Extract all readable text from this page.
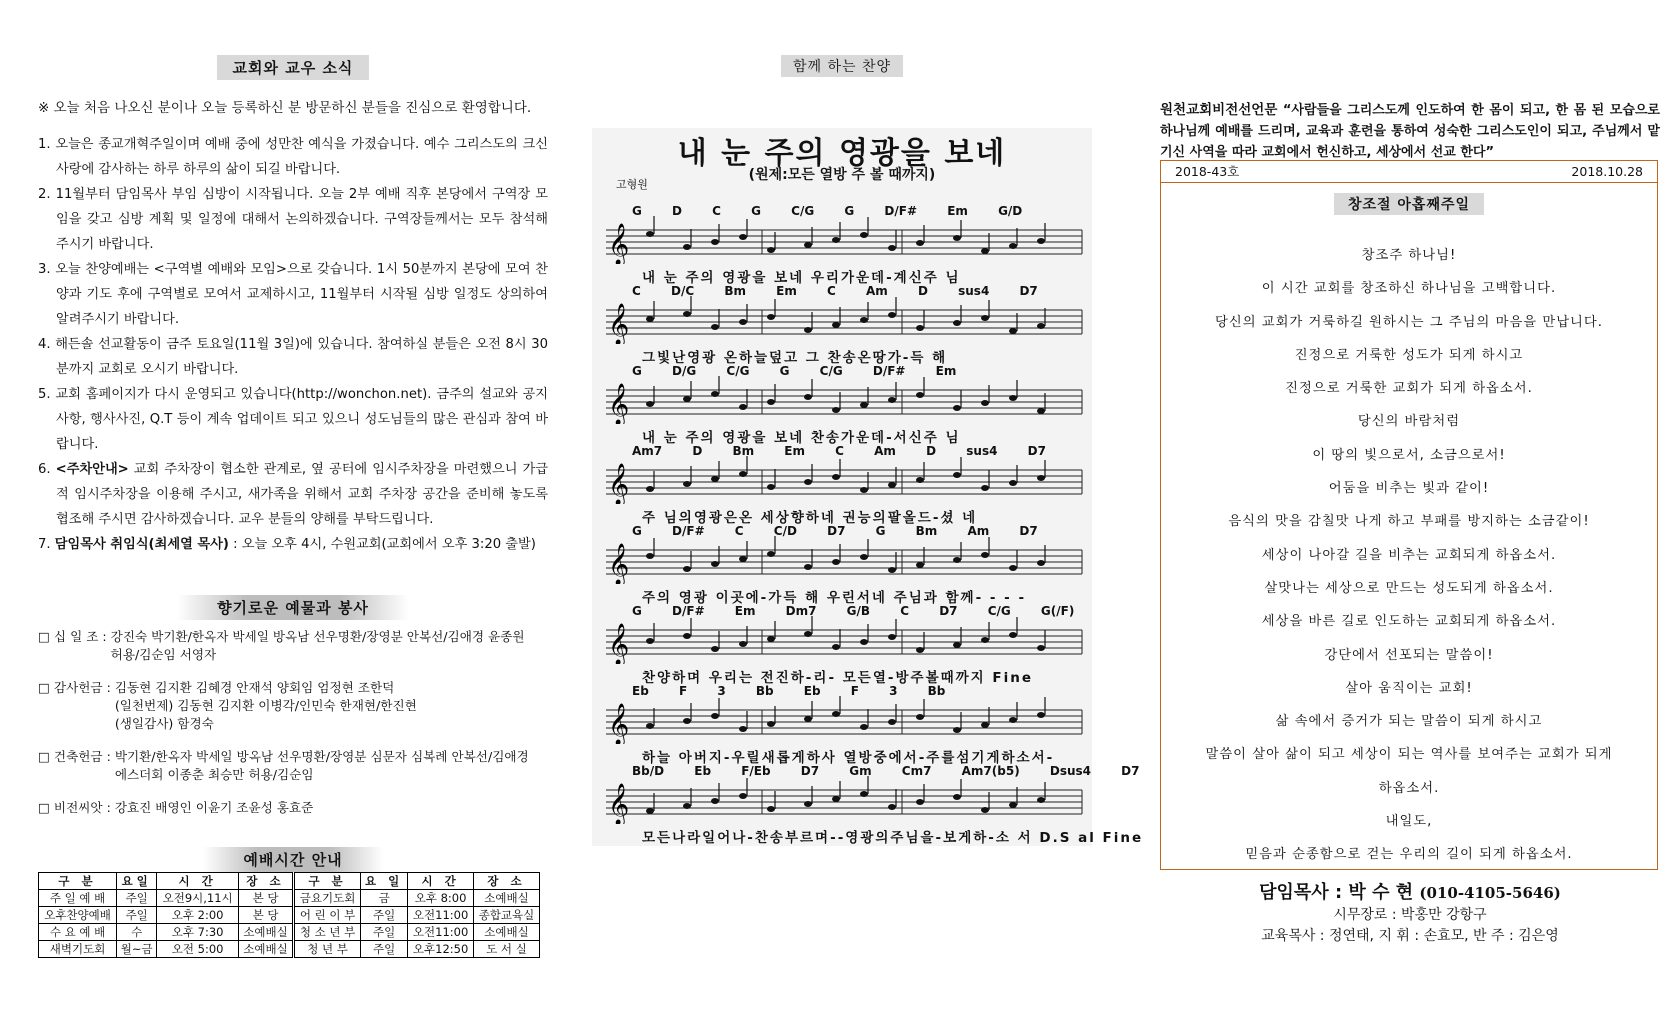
교회와 교우 소식
※ 오늘 처음 나오신 분이나 오늘 등록하신 분 방문하신 분들을 진심으로 환영합니다.
1. 오늘은 종교개혁주일이며 예배 중에 성만찬 예식을 가졌습니다. 예수 그리스도의 크신 사랑에 감사하는 하루 하루의 삶이 되길 바랍니다.
2. 11월부터 담임목사 부임 심방이 시작됩니다. 오늘 2부 예배 직후 본당에서 구역장 모임을 갖고 심방 계획 및 일정에 대해서 논의하겠습니다. 구역장들께서는 모두 참석해 주시기 바랍니다.
3. 오늘 찬양예배는 <구역별 예배와 모임>으로 갖습니다. 1시 50분까지 본당에 모여 찬양과 기도 후에 구역별로 모여서 교제하시고, 11월부터 시작될 심방 일정도 상의하여 알려주시기 바랍니다.
4. 해든솔 선교활동이 금주 토요일(11월 3일)에 있습니다. 참여하실 분들은 오전 8시 30분까지 교회로 오시기 바랍니다.
5. 교회 홈페이지가 다시 운영되고 있습니다(http://wonchon.net). 금주의 설교와 공지사항, 행사사진, Q.T 등이 계속 업데이트 되고 있으니 성도님들의 많은 관심과 참여 바랍니다.
6. <주차안내> 교회 주차장이 협소한 관계로, 옆 공터에 임시주차장을 마련했으니 가급적 임시주차장을 이용해 주시고, 새가족을 위해서 교회 주차장 공간을 준비해 놓도록 협조해 주시면 감사하겠습니다. 교우 분들의 양해를 부탁드립니다.
7. 담임목사 취임식(최세열 목사) : 오늘 오후 4시, 수원교회(교회에서 오후 3:20 출발)
향기로운 예물과 봉사
□ 십 일 조 : 강진숙 박기환/한옥자 박세일 방옥남 선우명환/장영분 안복선/김애경 윤종원
허용/김순임 서영자
□ 감사헌금 : 김동현 김지환 김혜경 안재석 양회임 엄정현 조한덕
(일천번제) 김동현 김지환 이병각/인민숙 한재현/한진현
(생일감사) 함경숙
□ 건축헌금 : 박기환/한옥자 박세일 방옥남 선우명환/장영분 심문자 심복례 안복선/김애경
에스더회 이종춘 최승만 허용/김순임
□ 비전씨앗 : 강효진 배영인 이윤기 조윤성 홍효준
예배시간 안내
구 분	요일	시 간	장 소	구 분	요 일	시 간	장 소
주 일 예 배	주일	오전9시,11시	본 당	금요기도회	금	오후 8:00	소예배실
오후찬양예배	주일	오후 2:00	본 당	어 린 이 부	주일	오전11:00	종합교육실
수 요 예 배	수	오후 7:30	소예배실	청 소 년 부	주일	오전11:00	소예배실
새벽기도회	월~금	오전 5:00	소예배실	청 년 부	주일	오후12:50	도 서 실
함께 하는 찬양
내 눈 주의 영광을 보네
(원제:모든 열방 주 볼 때까지)
고형원
𝄞
G D C G C/G G D/F# Em G/D
내 눈 주의 영광을 보네 우리가운데-계신주 님
𝄞
C D/C Bm Em C Am D sus4 D7
그빛난영광 온하늘덮고 그 찬송온땅가-득 해
𝄞
G D/G C/G G C/G D/F# Em
내 눈 주의 영광을 보네 찬송가운데-서신주 님
𝄞
Am7 D Bm Em C Am D sus4 D7
주 님의영광은온 세상향하네 권능의팔올드-셨 네
𝄞
G D/F# C C/D D7 G Bm Am D7
주의 영광 이곳에-가득 해 우린서네 주님과 함께- - - -
𝄞
G D/F# Em Dm7 G/B C D7 C/G G(/F)
찬양하며 우리는 전진하-리- 모든열-방주볼때까지 Fine
𝄞
Eb F 3 Bb Eb F 3 Bb
하늘 아버지-우릴새롭게하사 열방중에서-주를섬기게하소서-
𝄞
Bb/D Eb F/Eb D7 Gm Cm7 Am7(b5) Dsus4 D7
모든나라일어나-찬송부르며--영광의주님을-보게하-소 서 D.S al Fine
원천교회비전선언문 “사람들을 그리스도께 인도하여 한 몸이 되고, 한 몸 된 모습으로 하나님께 예배를 드리며, 교육과 훈련을 통하여 성숙한 그리스도인이 되고, 주님께서 맡기신 사역을 따라 교회에서 헌신하고, 세상에서 선교 한다”
2018-43호	2018.10.28
창조절 아홉째주일
창조주 하나님!
이 시간 교회를 창조하신 하나님을 고백합니다.
당신의 교회가 거룩하길 원하시는 그 주님의 마음을 만납니다.
진정으로 거룩한 성도가 되게 하시고
진정으로 거룩한 교회가 되게 하옵소서.
당신의 바람처럼
이 땅의 빛으로서, 소금으로서!
어둠을 비추는 빛과 같이!
음식의 맛을 감칠맛 나게 하고 부패를 방지하는 소금같이!
세상이 나아갈 길을 비추는 교회되게 하옵소서.
살맛나는 세상으로 만드는 성도되게 하옵소서.
세상을 바른 길로 인도하는 교회되게 하옵소서.
강단에서 선포되는 말씀이!
살아 움직이는 교회!
삶 속에서 증거가 되는 말씀이 되게 하시고
말씀이 살아 삶이 되고 세상이 되는 역사를 보여주는 교회가 되게
하옵소서.
내일도,
믿음과 순종함으로 걷는 우리의 길이 되게 하옵소서.
담임목사 : 박 수 현 (010-4105-5646)
시무장로 : 박홍만 강항구
교육목사 : 정연태, 지 휘 : 손효모, 반 주 : 김은영
